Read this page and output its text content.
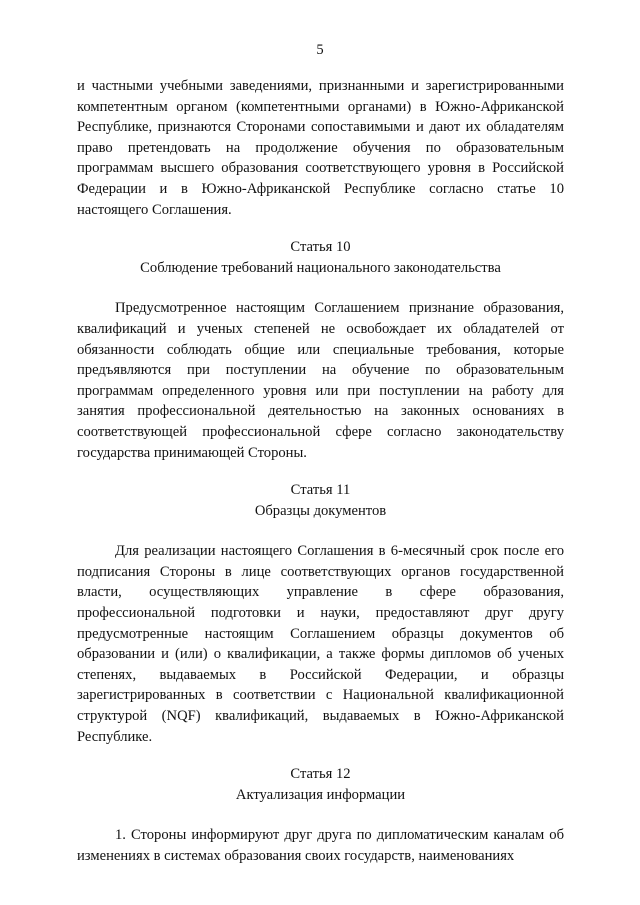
5

и частными учебными заведениями, признанными и зарегистрированными компетентным органом (компетентными органами) в Южно-Африканской Республике, признаются Сторонами сопоставимыми и дают их обладателям право претендовать на продолжение обучения по образовательным программам высшего образования соответствующего уровня в Российской Федерации и в Южно-Африканской Республике согласно статье 10 настоящего Соглашения.

Статья 10

Соблюдение требований национального законодательства

Предусмотренное настоящим Соглашением признание образования, квалификаций и ученых степеней не освобождает их обладателей от обязанности соблюдать общие или специальные требования, которые предъявляются при поступлении на обучение по образовательным программам определенного уровня или при поступлении на работу для занятия профессиональной деятельностью на законных основаниях в соответствующей профессиональной сфере согласно законодательству государства принимающей Стороны.

Статья 11

Образцы документов

Для реализации настоящего Соглашения в 6-месячный срок после его подписания Стороны в лице соответствующих органов государственной власти, осуществляющих управление в сфере образования, профессиональной подготовки и науки, предоставляют друг другу предусмотренные настоящим Соглашением образцы документов об образовании и (или) о квалификации, а также формы дипломов об ученых степенях, выдаваемых в Российской Федерации, и образцы зарегистрированных в соответствии с Национальной квалификационной структурой (NQF) квалификаций, выдаваемых в Южно-Африканской Республике.

Статья 12

Актуализация информации

1. Стороны информируют друг друга по дипломатическим каналам об изменениях в системах образования своих государств, наименованиях
